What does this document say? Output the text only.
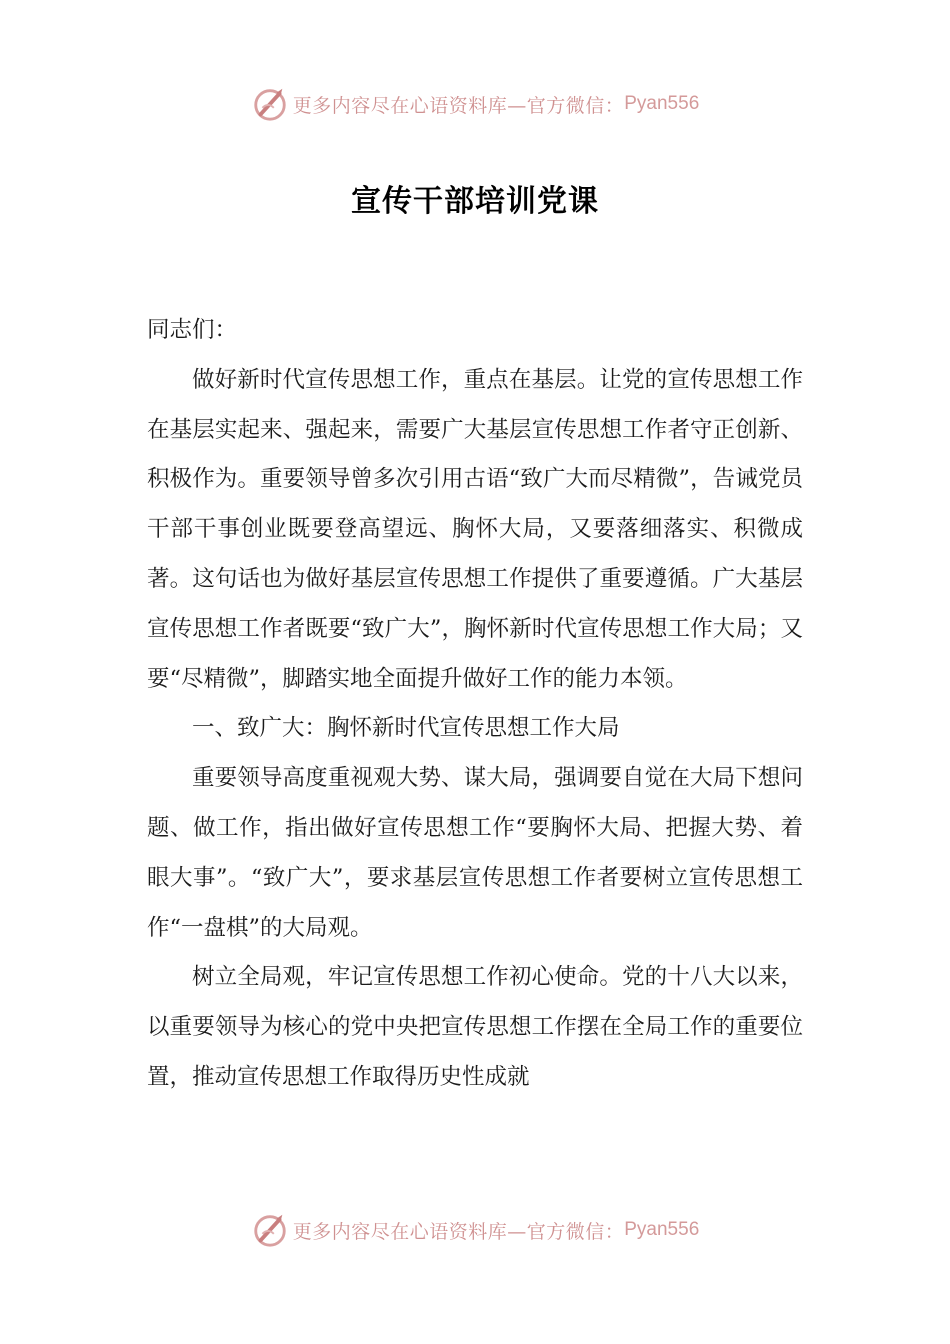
更多内容尽在心语资料库—官方微信： Pyan556
宣传干部培训党课

同志们：

做好新时代宣传思想工作，重点在基层。让党的宣传思想工作在基层实起来、强起来，需要广大基层宣传思想工作者守正创新、积极作为。重要领导曾多次引用古语“致广大而尽精微”，告诫党员干部干事创业既要登高望远、胸怀大局，又要落细落实、积微成著。这句话也为做好基层宣传思想工作提供了重要遵循。广大基层宣传思想工作者既要“致广大”，胸怀新时代宣传思想工作大局；又要“尽精微”，脚踏实地全面提升做好工作的能力本领。

一、致广大：胸怀新时代宣传思想工作大局

重要领导高度重视观大势、谋大局，强调要自觉在大局下想问题、做工作，指出做好宣传思想工作“要胸怀大局、把握大势、着眼大事”。“致广大”，要求基层宣传思想工作者要树立宣传思想工作“一盘棋”的大局观。

树立全局观，牢记宣传思想工作初心使命。党的十八大以来，以重要领导为核心的党中央把宣传思想工作摆在全局工作的重要位置，推动宣传思想工作取得历史性成就

更多内容尽在心语资料库—官方微信： Pyan556
